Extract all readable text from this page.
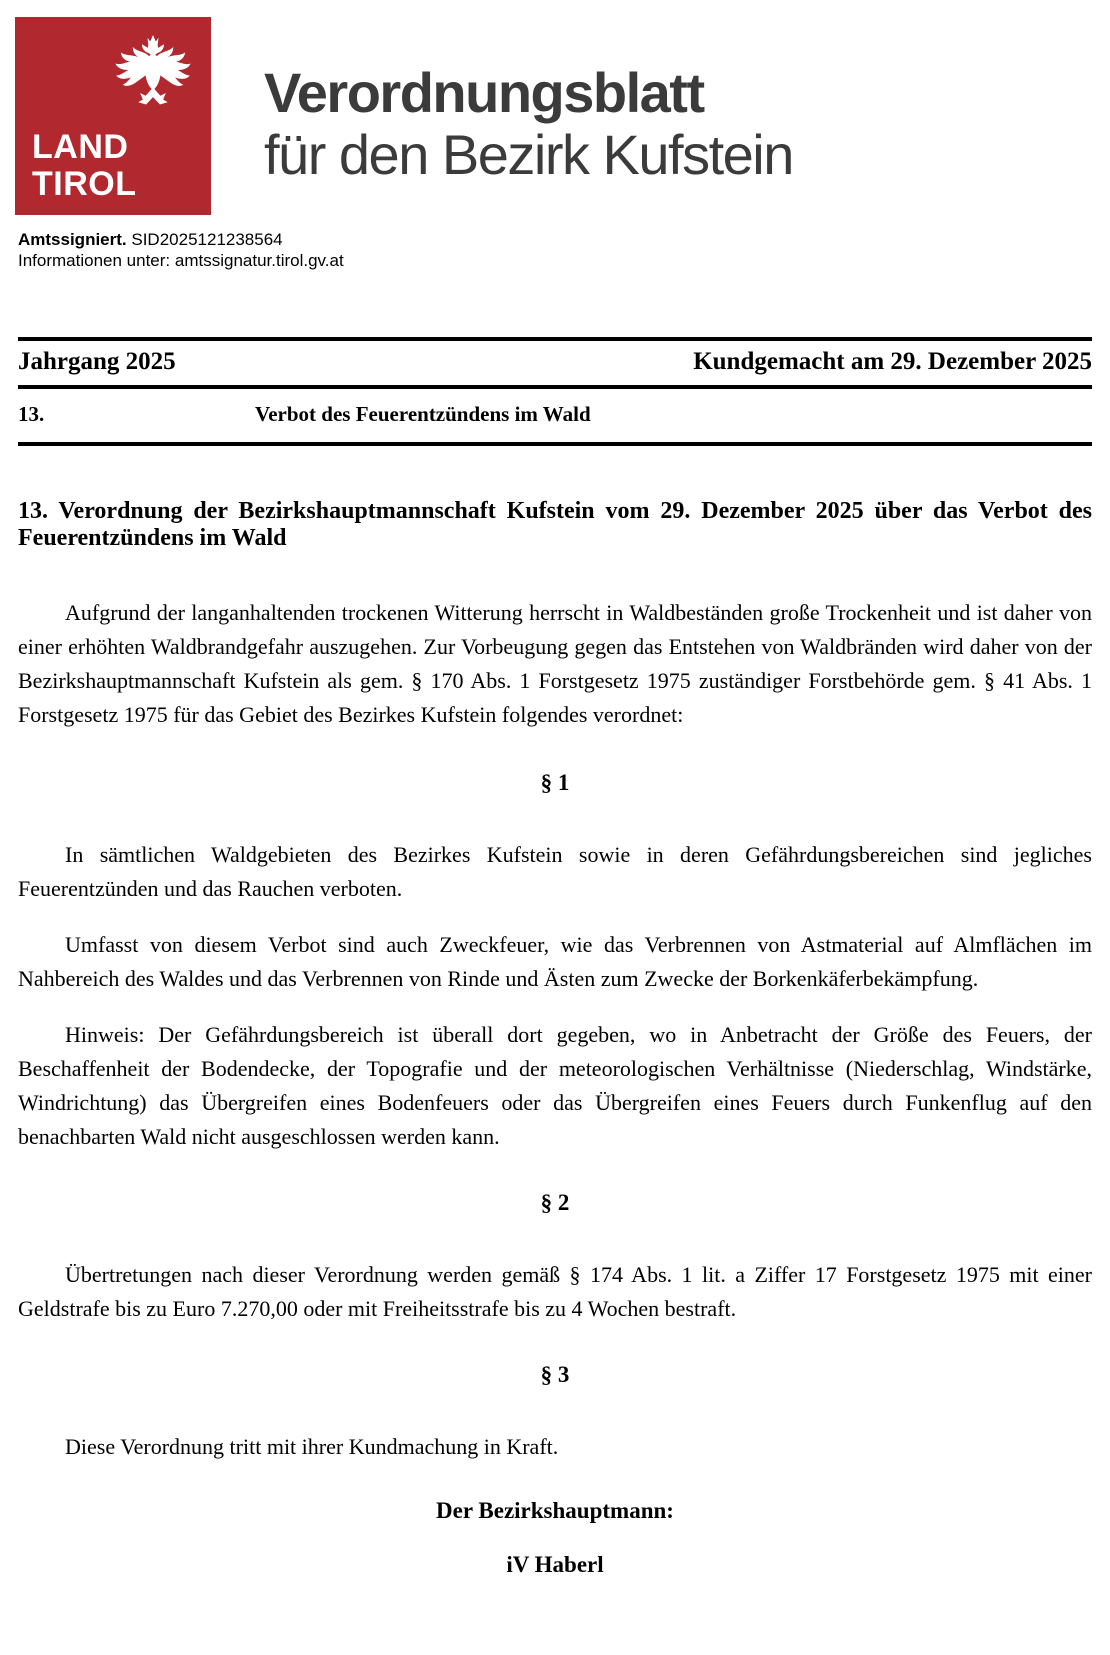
LAND
TIROL
Verordnungsblatt
für den Bezirk Kufstein
Amtssigniert. SID2025121238564
Informationen unter: amtssignatur.tirol.gv.at
Jahrgang 2025	Kundgemacht am 29. Dezember 2025
13.	Verbot des Feuerentzündens im Wald
13. Verordnung der Bezirkshauptmannschaft Kufstein vom 29. Dezember 2025 über das Verbot des Feuerentzündens im Wald

Aufgrund der langanhaltenden trockenen Witterung herrscht in Waldbeständen große Trockenheit und ist daher von einer erhöhten Waldbrandgefahr auszugehen. Zur Vorbeugung gegen das Entstehen von Waldbränden wird daher von der Bezirkshauptmannschaft Kufstein als gem. § 170 Abs. 1 Forstgesetz 1975 zuständiger Forstbehörde gem. § 41 Abs. 1 Forstgesetz 1975 für das Gebiet des Bezirkes Kufstein folgendes verordnet:

§ 1

In sämtlichen Waldgebieten des Bezirkes Kufstein sowie in deren Gefährdungsbereichen sind jegliches Feuerentzünden und das Rauchen verboten.

Umfasst von diesem Verbot sind auch Zweckfeuer, wie das Verbrennen von Astmaterial auf Almflächen im Nahbereich des Waldes und das Verbrennen von Rinde und Ästen zum Zwecke der Borkenkäferbekämpfung.

Hinweis: Der Gefährdungsbereich ist überall dort gegeben, wo in Anbetracht der Größe des Feuers, der Beschaffenheit der Bodendecke, der Topografie und der meteorologischen Verhältnisse (Niederschlag, Windstärke, Windrichtung) das Übergreifen eines Bodenfeuers oder das Übergreifen eines Feuers durch Funkenflug auf den benachbarten Wald nicht ausgeschlossen werden kann.

§ 2

Übertretungen nach dieser Verordnung werden gemäß § 174 Abs. 1 lit. a Ziffer 17 Forstgesetz 1975 mit einer Geldstrafe bis zu Euro 7.270,00 oder mit Freiheitsstrafe bis zu 4 Wochen bestraft.

§ 3

Diese Verordnung tritt mit ihrer Kundmachung in Kraft.

Der Bezirkshauptmann:
iV Haberl
